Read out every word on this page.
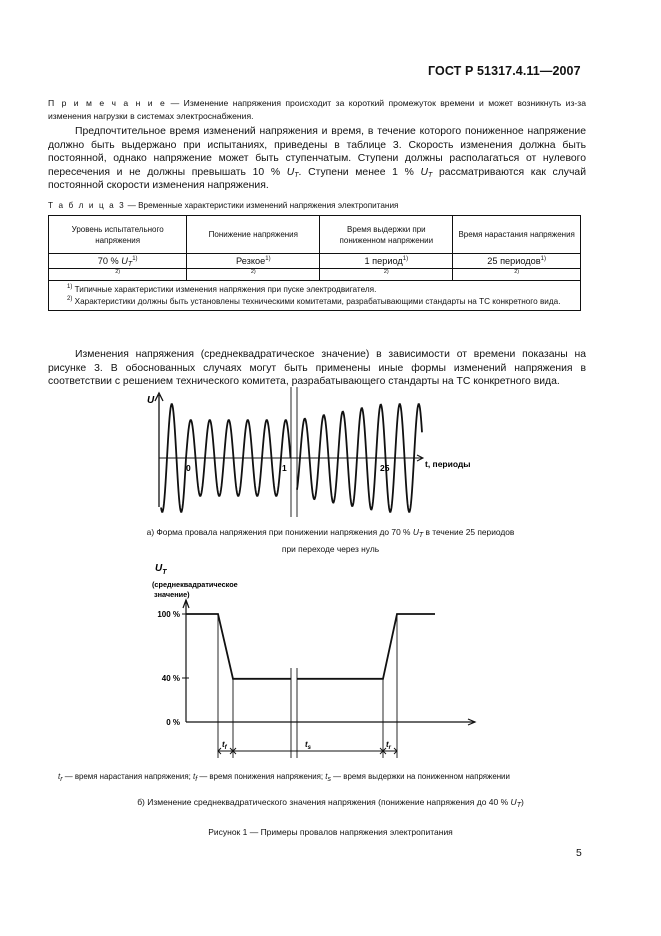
ГОСТ Р 51317.4.11—2007
П р и м е ч а н и е — Изменение напряжения происходит за короткий промежуток времени и может возникнуть из-за изменения нагрузки в системах электроснабжения.
Предпочтительное время изменений напряжения и время, в течение которого пониженное напряжение должно быть выдержано при испытаниях, приведены в таблице 3. Скорость изменения должна быть постоянной, однако напряжение может быть ступенчатым. Ступени должны располагаться от нулевого пересечения и не должны превышать 10 % $U_T$. Ступени менее 1 % $U_T$ рассматриваются как случай постоянной скорости изменения напряжения.
Т а б л и ц а 3 — Временные характеристики изменений напряжения электропитания
Уровень испытательного напряжения	Понижение напряжения	Время выдержки при пониженном напряжении	Время нарастания напряжения
70 % $U_T^{1)}$	Резкое$^{1)}$	1 период$^{1)}$	25 периодов$^{1)}$
2)	2)	2)	2)

$^{1)}$ Типичные характеристики изменения напряжения при пуске электродвигателя.
$^{2)}$ Характеристики должны быть установлены техническими комитетами, разрабатывающими стандарты на ТС конкретного вида.			
Изменения напряжения (среднеквадратическое значение) в зависимости от времени показаны на рисунке 3. В обоснованных случаях могут быть применены иные формы изменений напряжения в соответствии с решением технического комитета, разрабатывающего стандарты на ТС конкретного вида.
U
t, периоды
0	1	25
а) Форма провала напряжения при понижении напряжения до 70 % $U_T$ в течение 25 периодов
при переходе через нуль
$U_T$
(среднеквадратическое
значение)
100 %
40 %
0 %
$t_f$	$t_s$	$t_r$
$t_r$ — время нарастания напряжения; $t_f$ — время понижения напряжения; $t_s$ — время выдержки на пониженном напряжении
б) Изменение среднеквадратического значения напряжения (понижение напряжения до 40 % $U_T$)
Рисунок 1 — Примеры провалов напряжения электропитания
5
